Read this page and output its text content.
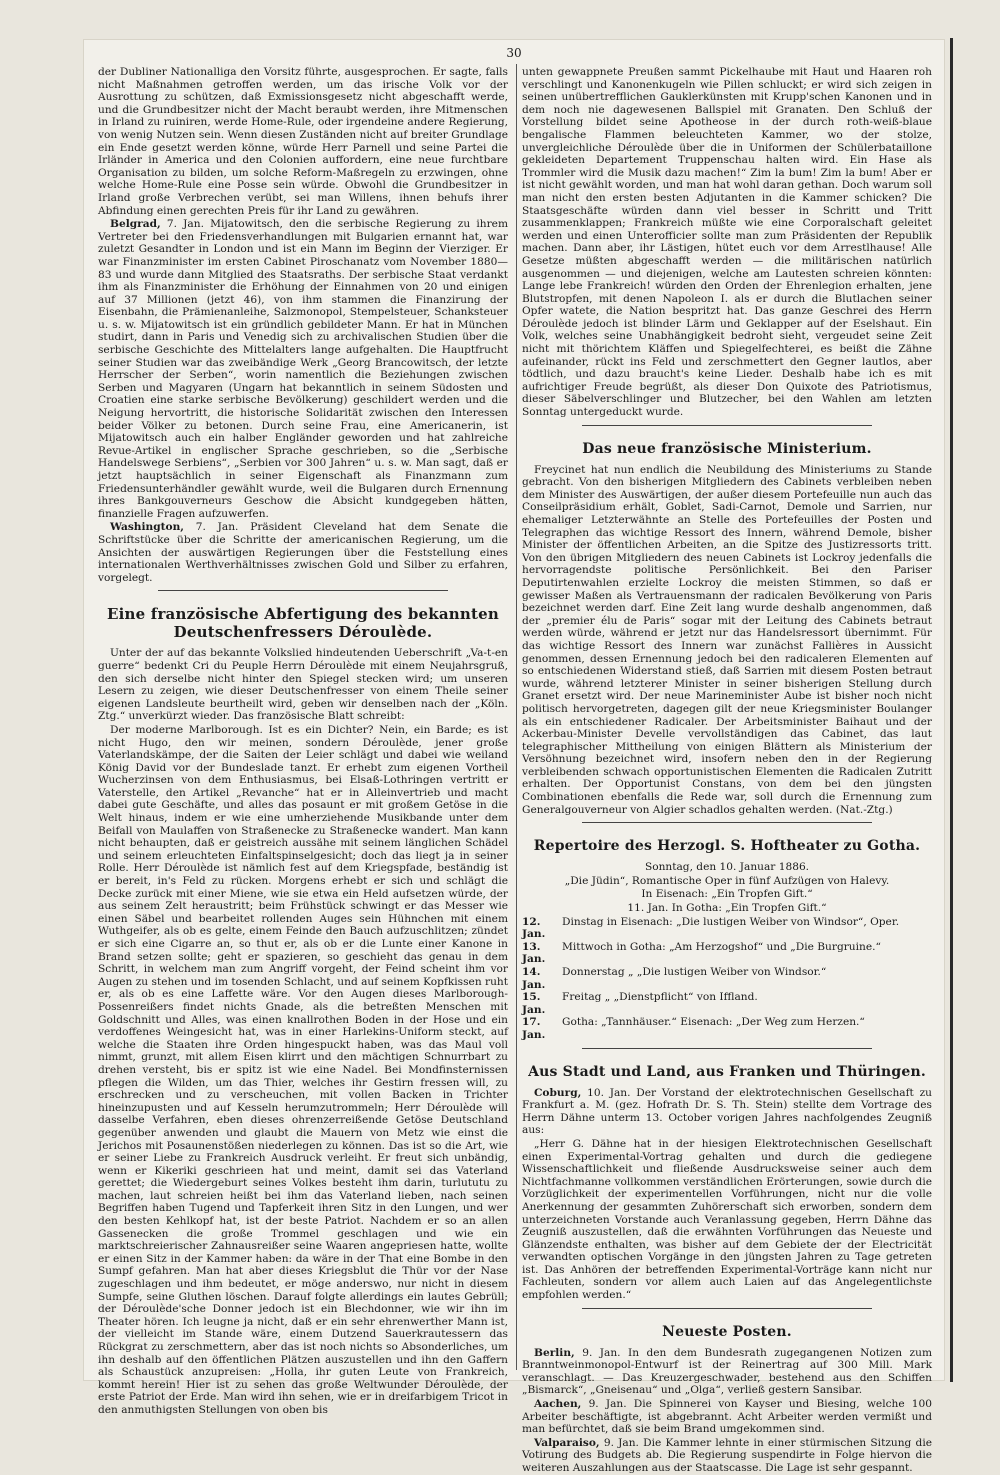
30

der Dubliner Nationalliga den Vorsitz führte, ausgesprochen. Er sagte, falls nicht Maßnahmen getroffen werden, um das irische Volk vor der Ausrottung zu schützen, daß Exmissionsgesetz nicht abgeschafft werde, und die Grundbesitzer nicht der Macht beraubt werden, ihre Mitmenschen in Irland zu ruiniren, werde Home-Rule, oder irgendeine andere Regierung, von wenig Nutzen sein. Wenn diesen Zuständen nicht auf breiter Grundlage ein Ende gesetzt werden könne, würde Herr Parnell und seine Partei die Irländer in America und den Colonien auffordern, eine neue furchtbare Organisation zu bilden, um solche Reform-Maßregeln zu erzwingen, ohne welche Home-Rule eine Posse sein würde. Obwohl die Grundbesitzer in Irland große Verbrechen verübt, sei man Willens, ihnen behufs ihrer Abfindung einen gerechten Preis für ihr Land zu gewähren.

Belgrad, 7. Jan. Mijatowitsch, den die serbische Regierung zu ihrem Vertreter bei den Friedensverhandlungen mit Bulgarien ernannt hat, war zuletzt Gesandter in London und ist ein Mann im Beginn der Vierziger. Er war Finanzminister im ersten Cabinet Piroschanatz vom November 1880—83 und wurde dann Mitglied des Staatsraths. Der serbische Staat verdankt ihm als Finanzminister die Erhöhung der Einnahmen von 20 und einigen auf 37 Millionen (jetzt 46), von ihm stammen die Finanzirung der Eisenbahn, die Prämienanleihe, Salzmonopol, Stempelsteuer, Schanksteuer u. s. w. Mijatowitsch ist ein gründlich gebildeter Mann. Er hat in München studirt, dann in Paris und Venedig sich zu archivalischen Studien über die serbische Geschichte des Mittelalters lange aufgehalten. Die Hauptfrucht seiner Studien war das zweibändige Werk „Georg Brancowitsch, der letzte Herrscher der Serben“, worin namentlich die Beziehungen zwischen Serben und Magyaren (Ungarn hat bekanntlich in seinem Südosten und Croatien eine starke serbische Bevölkerung) geschildert werden und die Neigung hervortritt, die historische Solidarität zwischen den Interessen beider Völker zu betonen. Durch seine Frau, eine Americanerin, ist Mijatowitsch auch ein halber Engländer geworden und hat zahlreiche Revue-Artikel in englischer Sprache geschrieben, so die „Serbische Handelswege Serbiens“, „Serbien vor 300 Jahren“ u. s. w. Man sagt, daß er jetzt hauptsächlich in seiner Eigenschaft als Finanzmann zum Friedensunterhändler gewählt wurde, weil die Bulgaren durch Ernennung ihres Bankgouverneurs Geschow die Absicht kundgegeben hätten, finanzielle Fragen aufzuwerfen.

Washington, 7. Jan. Präsident Cleveland hat dem Senate die Schriftstücke über die Schritte der americanischen Regierung, um die Ansichten der auswärtigen Regierungen über die Feststellung eines internationalen Werthverhältnisses zwischen Gold und Silber zu erfahren, vorgelegt.

Eine französische Abfertigung des bekannten Deutschenfressers Déroulède.

Unter der auf das bekannte Volkslied hindeutenden Ueberschrift „Va-t-en guerre“ bedenkt Cri du Peuple Herrn Déroulède mit einem Neujahrsgruß, den sich derselbe nicht hinter den Spiegel stecken wird; um unseren Lesern zu zeigen, wie dieser Deutschenfresser von einem Theile seiner eigenen Landsleute beurtheilt wird, geben wir denselben nach der „Köln. Ztg.“ unverkürzt wieder. Das französische Blatt schreibt:

Der moderne Marlborough. Ist es ein Dichter? Nein, ein Barde; es ist nicht Hugo, den wir meinen, sondern Déroulède, jener große Vaterlandskämpe, der die Saiten der Leier schlägt und dabei wie weiland König David vor der Bundeslade tanzt. Er erhebt zum eigenen Vortheil Wucherzinsen von dem Enthusiasmus, bei Elsaß-Lothringen vertritt er Vaterstelle, den Artikel „Revanche“ hat er in Alleinvertrieb und macht dabei gute Geschäfte, und alles das posaunt er mit großem Getöse in die Welt hinaus, indem er wie eine umherziehende Musikbande unter dem Beifall von Maulaffen von Straßenecke zu Straßenecke wandert. Man kann nicht behaupten, daß er geistreich aussähe mit seinem länglichen Schädel und seinem erleuchteten Einfaltspinselgesicht; doch das liegt ja in seiner Rolle. Herr Déroulède ist nämlich fest auf dem Kriegspfade, beständig ist er bereit, in's Feld zu rücken. Morgens erhebt er sich und schlägt die Decke zurück mit einer Miene, wie sie etwa ein Held aufsetzen würde, der aus seinem Zelt heraustritt; beim Frühstück schwingt er das Messer wie einen Säbel und bearbeitet rollenden Auges sein Hühnchen mit einem Wuthgeifer, als ob es gelte, einem Feinde den Bauch aufzuschlitzen; zündet er sich eine Cigarre an, so thut er, als ob er die Lunte einer Kanone in Brand setzen sollte; geht er spazieren, so geschieht das genau in dem Schritt, in welchem man zum Angriff vorgeht, der Feind scheint ihm vor Augen zu stehen und im tosenden Schlacht, und auf seinem Kopfkissen ruht er, als ob es eine Laffette wäre. Vor den Augen dieses Marlborough-Possenreißers findet nichts Gnade, als die betreßten Menschen mit Goldschnitt und Alles, was einen knallrothen Boden in der Hose und ein verdoffenes Weingesicht hat, was in einer Harlekins-Uniform steckt, auf welche die Staaten ihre Orden hingespuckt haben, was das Maul voll nimmt, grunzt, mit allem Eisen klirrt und den mächtigen Schnurrbart zu drehen versteht, bis er spitz ist wie eine Nadel. Bei Mondfinsternissen pflegen die Wilden, um das Thier, welches ihr Gestirn fressen will, zu erschrecken und zu verscheuchen, mit vollen Backen in Trichter hineinzupusten und auf Kesseln herumzutrommeln; Herr Déroulède will dasselbe Verfahren, eben dieses ohrenzerreißende Getöse Deutschland gegenüber anwenden und glaubt die Mauern von Metz wie einst die Jerichos mit Posaunenstößen niederlegen zu können. Das ist so die Art, wie er seiner Liebe zu Frankreich Ausdruck verleiht. Er freut sich unbändig, wenn er Kikeriki geschrieen hat und meint, damit sei das Vaterland gerettet; die Wiedergeburt seines Volkes besteht ihm darin, turlututu zu machen, laut schreien heißt bei ihm das Vaterland lieben, nach seinen Begriffen haben Tugend und Tapferkeit ihren Sitz in den Lungen, und wer den besten Kehlkopf hat, ist der beste Patriot. Nachdem er so an allen Gassenecken die große Trommel geschlagen und wie ein marktschreierischer Zahnausreißer seine Waaren angepriesen hatte, wollte er einen Sitz in der Kammer haben: da wäre in der That eine Bombe in den Sumpf gefahren. Man hat aber dieses Kriegsblut die Thür vor der Nase zugeschlagen und ihm bedeutet, er möge anderswo, nur nicht in diesem Sumpfe, seine Gluthen löschen. Darauf folgte allerdings ein lautes Gebrüll; der Déroulède'sche Donner jedoch ist ein Blechdonner, wie wir ihn im Theater hören. Ich leugne ja nicht, daß er ein sehr ehrenwerther Mann ist, der vielleicht im Stande wäre, einem Dutzend Sauerkrautessern das Rückgrat zu zerschmettern, aber das ist noch nichts so Absonderliches, um ihn deshalb auf den öffentlichen Plätzen auszustellen und ihn den Gaffern als Schaustück anzupreisen: „Holla, ihr guten Leute von Frankreich, kommt herein! Hier ist zu sehen das große Weltwunder Déroulède, der erste Patriot der Erde. Man wird ihn sehen, wie er in dreifarbigem Tricot in den anmuthigsten Stellungen von oben bis

unten gewappnete Preußen sammt Pickelhaube mit Haut und Haaren roh verschlingt und Kanonenkugeln wie Pillen schluckt; er wird sich zeigen in seinen unübertrefflichen Gauklerkünsten mit Krupp'schen Kanonen und in dem noch nie dagewesenen Ballspiel mit Granaten. Den Schluß der Vorstellung bildet seine Apotheose in der durch roth-weiß-blaue bengalische Flammen beleuchteten Kammer, wo der stolze, unvergleichliche Déroulède über die in Uniformen der Schülerbataillone gekleideten Departement Truppenschau halten wird. Ein Hase als Trommler wird die Musik dazu machen!“ Zim la bum! Zim la bum! Aber er ist nicht gewählt worden, und man hat wohl daran gethan. Doch warum soll man nicht den ersten besten Adjutanten in die Kammer schicken? Die Staatsgeschäfte würden dann viel besser in Schritt und Tritt zusammenklappen; Frankreich müßte wie eine Corporalschaft geleitet werden und einen Unterofficier sollte man zum Präsidenten der Republik machen. Dann aber, ihr Lästigen, hütet euch vor dem Arrestlhause! Alle Gesetze müßten abgeschafft werden — die militärischen natürlich ausgenommen — und diejenigen, welche am Lautesten schreien könnten: Lange lebe Frankreich! würden den Orden der Ehrenlegion erhalten, jene Blutstropfen, mit denen Napoleon I. als er durch die Blutlachen seiner Opfer watete, die Nation bespritzt hat. Das ganze Geschrei des Herrn Déroulède jedoch ist blinder Lärm und Geklapper auf der Eselshaut. Ein Volk, welches seine Unabhängigkeit bedroht sieht, vergeudet seine Zeit nicht mit thörichtem Kläffen und Spiegelfechterei, es beißt die Zähne aufeinander, rückt ins Feld und zerschmettert den Gegner lautlos, aber tödtlich, und dazu braucht's keine Lieder. Deshalb habe ich es mit aufrichtiger Freude begrüßt, als dieser Don Quixote des Patriotismus, dieser Säbelverschlinger und Blutzecher, bei den Wahlen am letzten Sonntag untergeduckt wurde.

Das neue französische Ministerium.

Freycinet hat nun endlich die Neubildung des Ministeriums zu Stande gebracht. Von den bisherigen Mitgliedern des Cabinets verbleiben neben dem Minister des Auswärtigen, der außer diesem Portefeuille nun auch das Conseilpräsidium erhält, Goblet, Sadi-Carnot, Demole und Sarrien, nur ehemaliger Letzterwähnte an Stelle des Portefeuilles der Posten und Telegraphen das wichtige Ressort des Innern, während Demole, bisher Minister der öffentlichen Arbeiten, an die Spitze des Justizressorts tritt. Von den übrigen Mitgliedern des neuen Cabinets ist Lockroy jedenfalls die hervorragendste politische Persönlichkeit. Bei den Pariser Deputirtenwahlen erzielte Lockroy die meisten Stimmen, so daß er gewisser Maßen als Vertrauensmann der radicalen Bevölkerung von Paris bezeichnet werden darf. Eine Zeit lang wurde deshalb angenommen, daß der „premier élu de Paris“ sogar mit der Leitung des Cabinets betraut werden würde, während er jetzt nur das Handelsressort übernimmt. Für das wichtige Ressort des Innern war zunächst Fallières in Aussicht genommen, dessen Ernennung jedoch bei den radicaleren Elementen auf so entschiedenen Widerstand stieß, daß Sarrien mit diesem Posten betraut wurde, während letzterer Minister in seiner bisherigen Stellung durch Granet ersetzt wird. Der neue Marineminister Aube ist bisher noch nicht politisch hervorgetreten, dagegen gilt der neue Kriegsminister Boulanger als ein entschiedener Radicaler. Der Arbeitsminister Baihaut und der Ackerbau-Minister Develle vervollständigen das Cabinet, das laut telegraphischer Mittheilung von einigen Blättern als Ministerium der Versöhnung bezeichnet wird, insofern neben den in der Regierung verbleibenden schwach opportunistischen Elementen die Radicalen Zutritt erhalten. Der Opportunist Constans, von dem bei den jüngsten Combinationen ebenfalls die Rede war, soll durch die Ernennung zum Generalgouverneur von Algier schadlos gehalten werden. (Nat.-Ztg.)

Repertoire des Herzogl. S. Hoftheater zu Gotha.

Sonntag, den 10. Januar 1886.

„Die Jüdin“, Romantische Oper in fünf Aufzügen von Halevy.

In Eisenach: „Ein Tropfen Gift.“

11. Jan. In Gotha: „Ein Tropfen Gift.“

12. Jan.
Dinstag in Eisenach: „Die lustigen Weiber von Windsor“, Oper.
13. Jan.
Mittwoch in Gotha: „Am Herzogshof“ und „Die Burgruine.“
14. Jan.
Donnerstag „ „Die lustigen Weiber von Windsor.“
15. Jan.
Freitag „ „Dienstpflicht“ von Iffland.
17. Jan.
Gotha: „Tannhäuser.“ Eisenach: „Der Weg zum Herzen.“
Aus Stadt und Land, aus Franken und Thüringen.

Coburg, 10. Jan. Der Vorstand der elektrotechnischen Gesellschaft zu Frankfurt a. M. (gez. Hofrath Dr. S. Th. Stein) stellte dem Vortrage des Herrn Dähne unterm 13. October vorigen Jahres nachfolgendes Zeugniß aus:

„Herr G. Dähne hat in der hiesigen Elektrotechnischen Gesellschaft einen Experimental-Vortrag gehalten und durch die gediegene Wissenschaftlichkeit und fließende Ausdrucksweise seiner auch dem Nichtfachmanne vollkommen verständlichen Erörterungen, sowie durch die Vorzüglichkeit der experimentellen Vorführungen, nicht nur die volle Anerkennung der gesammten Zuhörerschaft sich erworben, sondern dem unterzeichneten Vorstande auch Veranlassung gegeben, Herrn Dähne das Zeugniß auszustellen, daß die erwähnten Vorführungen das Neueste und Glänzendste enthalten, was bisher auf dem Gebiete der der Electricität verwandten optischen Vorgänge in den jüngsten Jahren zu Tage getreten ist. Das Anhören der betreffenden Experimental-Vorträge kann nicht nur Fachleuten, sondern vor allem auch Laien auf das Angelegentlichste empfohlen werden.“

Neueste Posten.

Berlin, 9. Jan. In den dem Bundesrath zugegangenen Notizen zum Branntweinmonopol-Entwurf ist der Reinertrag auf 300 Mill. Mark veranschlagt. — Das Kreuzergeschwader, bestehend aus den Schiffen „Bismarck“, „Gneisenau“ und „Olga“, verließ gestern Sansibar.

Aachen, 9. Jan. Die Spinnerei von Kayser und Biesing, welche 100 Arbeiter beschäftigte, ist abgebrannt. Acht Arbeiter werden vermißt und man befürchtet, daß sie beim Brand umgekommen sind.

Valparaiso, 9. Jan. Die Kammer lehnte in einer stürmischen Sitzung die Votirung des Budgets ab. Die Regierung suspendirte in Folge hiervon die weiteren Auszahlungen aus der Staatscasse. Die Lage ist sehr gespannt.
